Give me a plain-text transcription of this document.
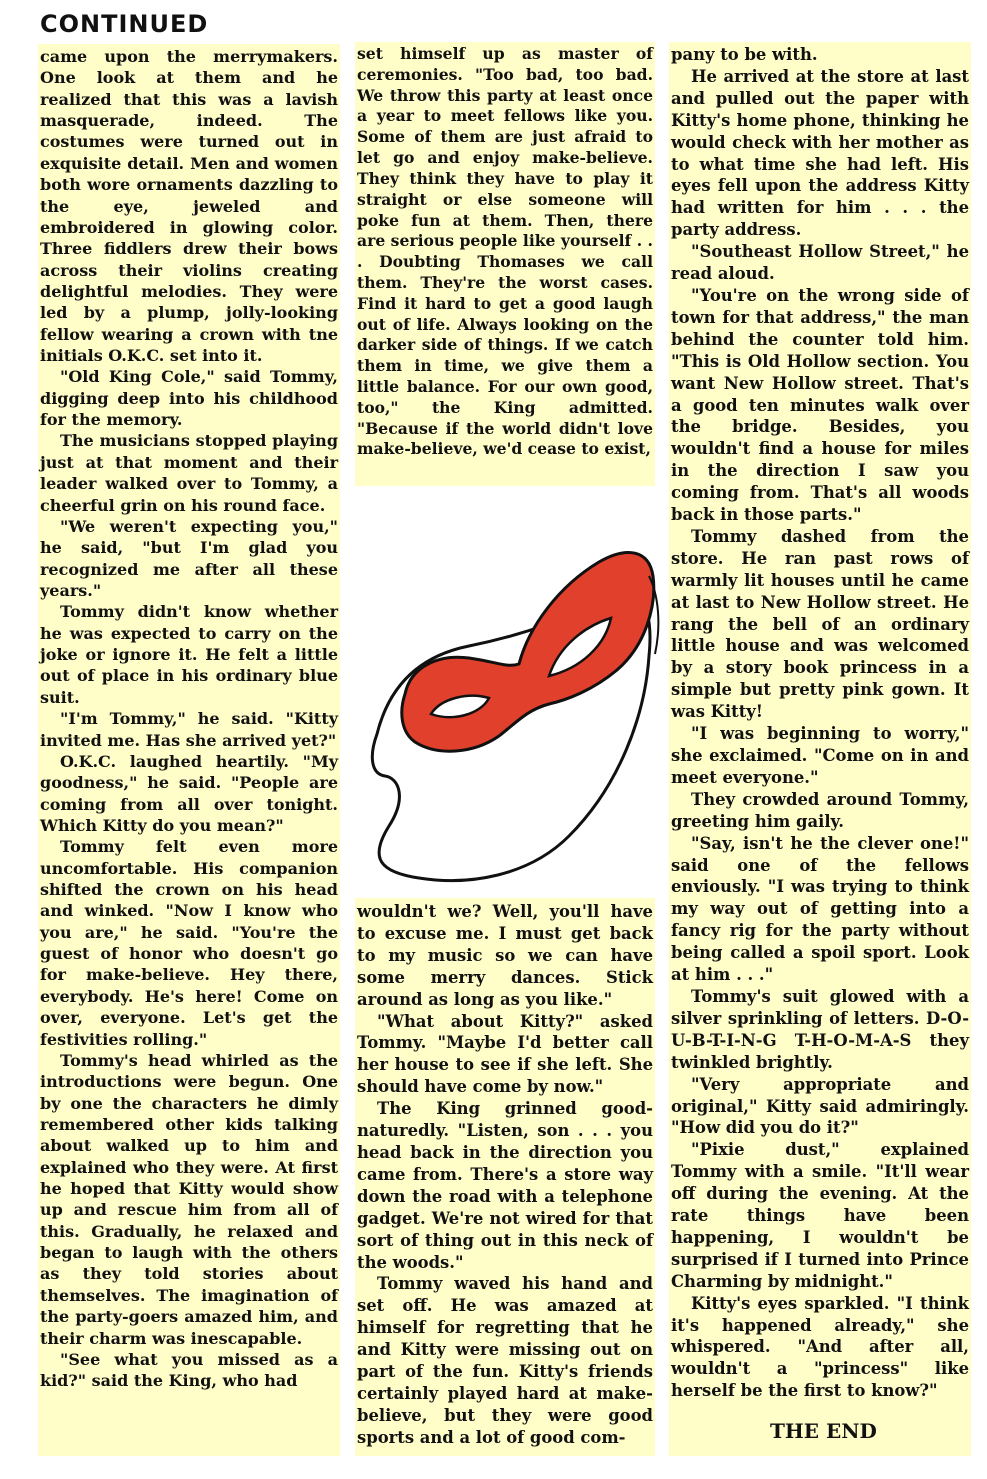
CONTINUED

came upon the merrymakers. One look at them and he realized that this was a lavish masquerade, indeed. The costumes were turned out in exquisite detail. Men and women both wore ornaments dazzling to the eye, jeweled and embroidered in glowing color. Three fiddlers drew their bows across their violins creating delightful melodies. They were led by a plump, jolly-looking fellow wearing a crown with tne initials O.K.C. set into it.

"Old King Cole," said Tommy, digging deep into his childhood for the memory.

The musicians stopped playing just at that moment and their leader walked over to Tommy, a cheerful grin on his round face.

"We weren't expecting you," he said, "but I'm glad you recognized me after all these years."

Tommy didn't know whether he was expected to carry on the joke or ignore it. He felt a little out of place in his ordinary blue suit.

"I'm Tommy," he said. "Kitty invited me. Has she arrived yet?"

O.K.C. laughed heartily. "My goodness," he said. "People are coming from all over tonight. Which Kitty do you mean?"

Tommy felt even more uncomfortable. His companion shifted the crown on his head and winked. "Now I know who you are," he said. "You're the guest of honor who doesn't go for make-believe. Hey there, everybody. He's here! Come on over, everyone. Let's get the festivities rolling."

Tommy's head whirled as the introductions were begun. One by one the characters he dimly remembered other kids talking about walked up to him and explained who they were. At first he hoped that Kitty would show up and rescue him from all of this. Gradually, he relaxed and began to laugh with the others as they told stories about themselves. The imagination of the party-goers amazed him, and their charm was inescapable.

"See what you missed as a kid?" said the King, who had

set himself up as master of ceremonies. "Too bad, too bad. We throw this party at least once a year to meet fellows like you. Some of them are just afraid to let go and enjoy make-believe. They think they have to play it straight or else someone will poke fun at them. Then, there are serious people like yourself . . . Doubting Thomases we call them. They're the worst cases. Find it hard to get a good laugh out of life. Always looking on the darker side of things. If we catch them in time, we give them a little balance. For our own good, too," the King admitted. "Because if the world didn't love make-believe, we'd cease to exist,

wouldn't we? Well, you'll have to excuse me. I must get back to my music so we can have some merry dances. Stick around as long as you like."

"What about Kitty?" asked Tommy. "Maybe I'd better call her house to see if she left. She should have come by now."

The King grinned good-naturedly. "Listen, son . . . you head back in the direction you came from. There's a store way down the road with a telephone gadget. We're not wired for that sort of thing out in this neck of the woods."

Tommy waved his hand and set off. He was amazed at himself for regretting that he and Kitty were missing out on part of the fun. Kitty's friends certainly played hard at make-believe, but they were good sports and a lot of good com-

pany to be with.

He arrived at the store at last and pulled out the paper with Kitty's home phone, thinking he would check with her mother as to what time she had left. His eyes fell upon the address Kitty had written for him . . . the party address.

"Southeast Hollow Street," he read aloud.

"You're on the wrong side of town for that address," the man behind the counter told him. "This is Old Hollow section. You want New Hollow street. That's a good ten minutes walk over the bridge. Besides, you wouldn't find a house for miles in the direction I saw you coming from. That's all woods back in those parts."

Tommy dashed from the store. He ran past rows of warmly lit houses until he came at last to New Hollow street. He rang the bell of an ordinary little house and was welcomed by a story book princess in a simple but pretty pink gown. It was Kitty!

"I was beginning to worry," she exclaimed. "Come on in and meet everyone."

They crowded around Tommy, greeting him gaily.

"Say, isn't he the clever one!" said one of the fellows enviously. "I was trying to think my way out of getting into a fancy rig for the party without being called a spoil sport. Look at him . . ."

Tommy's suit glowed with a silver sprinkling of letters. D-O-U-B-T-I-N-G T-H-O-M-A-S they twinkled brightly.

"Very appropriate and original," Kitty said admiringly. "How did you do it?"

"Pixie dust," explained Tommy with a smile. "It'll wear off during the evening. At the rate things have been happening, I wouldn't be surprised if I turned into Prince Charming by midnight."

Kitty's eyes sparkled. "I think it's happened already," she whispered. "And after all, wouldn't a "princess" like herself be the first to know?"

THE END
